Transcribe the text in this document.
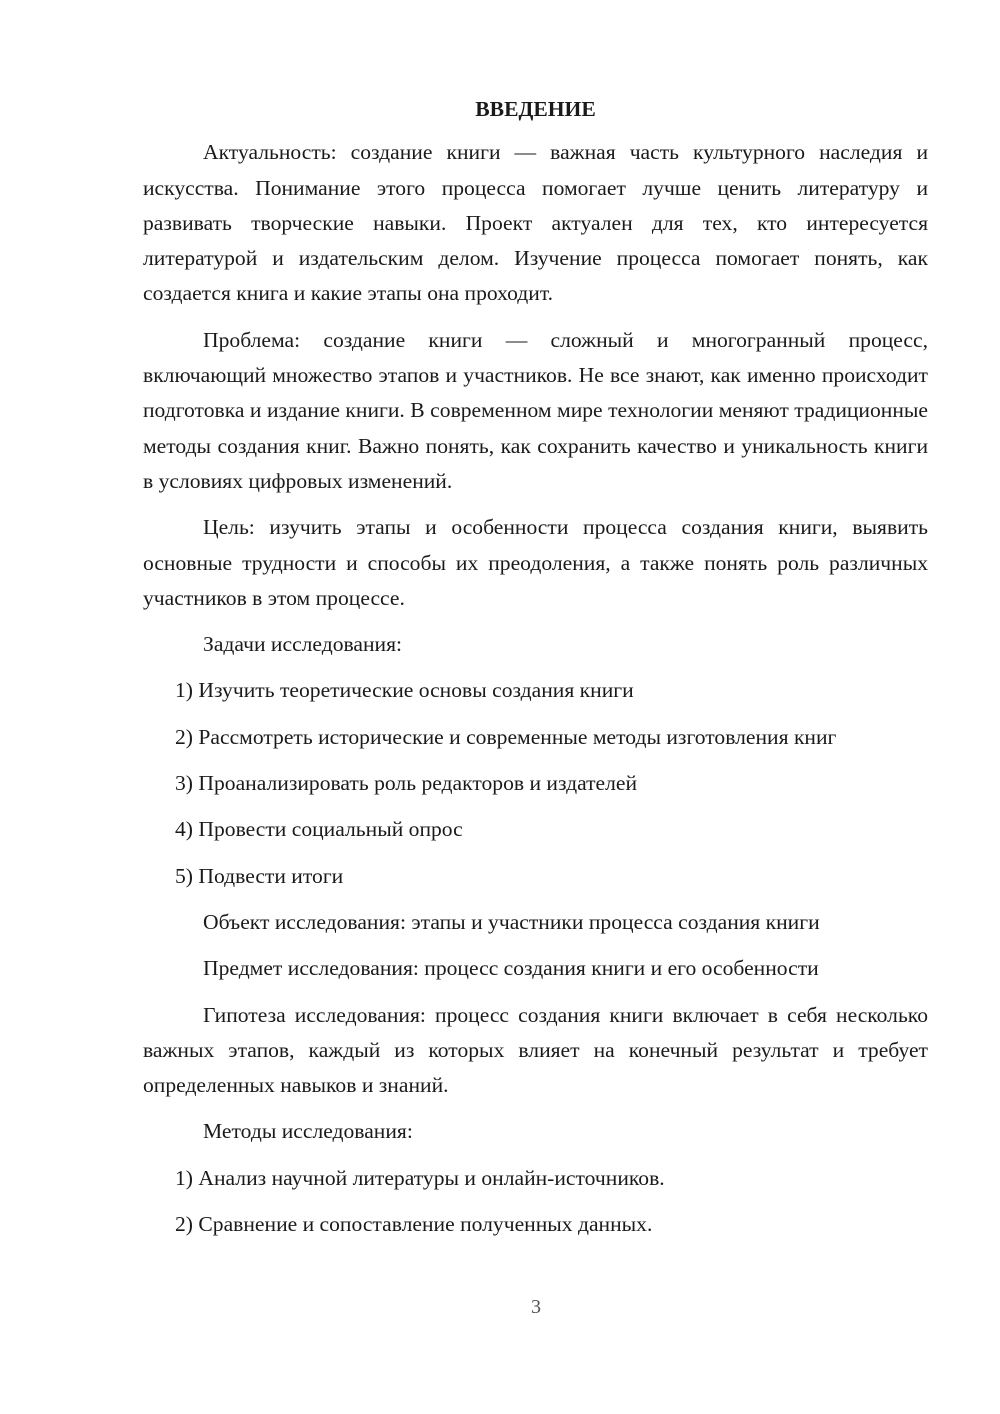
ВВЕДЕНИЕ

Актуальность: создание книги — важная часть культурного наследия и искусства. Понимание этого процесса помогает лучше ценить литературу и развивать творческие навыки. Проект актуален для тех, кто интересуется литературой и издательским делом. Изучение процесса помогает понять, как создается книга и какие этапы она проходит.

Проблема: создание книги — сложный и многогранный процесс, включающий множество этапов и участников. Не все знают, как именно происходит подготовка и издание книги. В современном мире технологии меняют традиционные методы создания книг. Важно понять, как сохранить качество и уникальность книги в условиях цифровых изменений.

Цель: изучить этапы и особенности процесса создания книги, выявить основные трудности и способы их преодоления, а также понять роль различных участников в этом процессе.

Задачи исследования:

1) Изучить теоретические основы создания книги

2) Рассмотреть исторические и современные методы изготовления книг

3) Проанализировать роль редакторов и издателей

4) Провести социальный опрос

5) Подвести итоги

Объект исследования: этапы и участники процесса создания книги

Предмет исследования: процесс создания книги и его особенности

Гипотеза исследования: процесс создания книги включает в себя несколько важных этапов, каждый из которых влияет на конечный результат и требует определенных навыков и знаний.

Методы исследования:

1) Анализ научной литературы и онлайн-источников.

2) Сравнение и сопоставление полученных данных.

3
